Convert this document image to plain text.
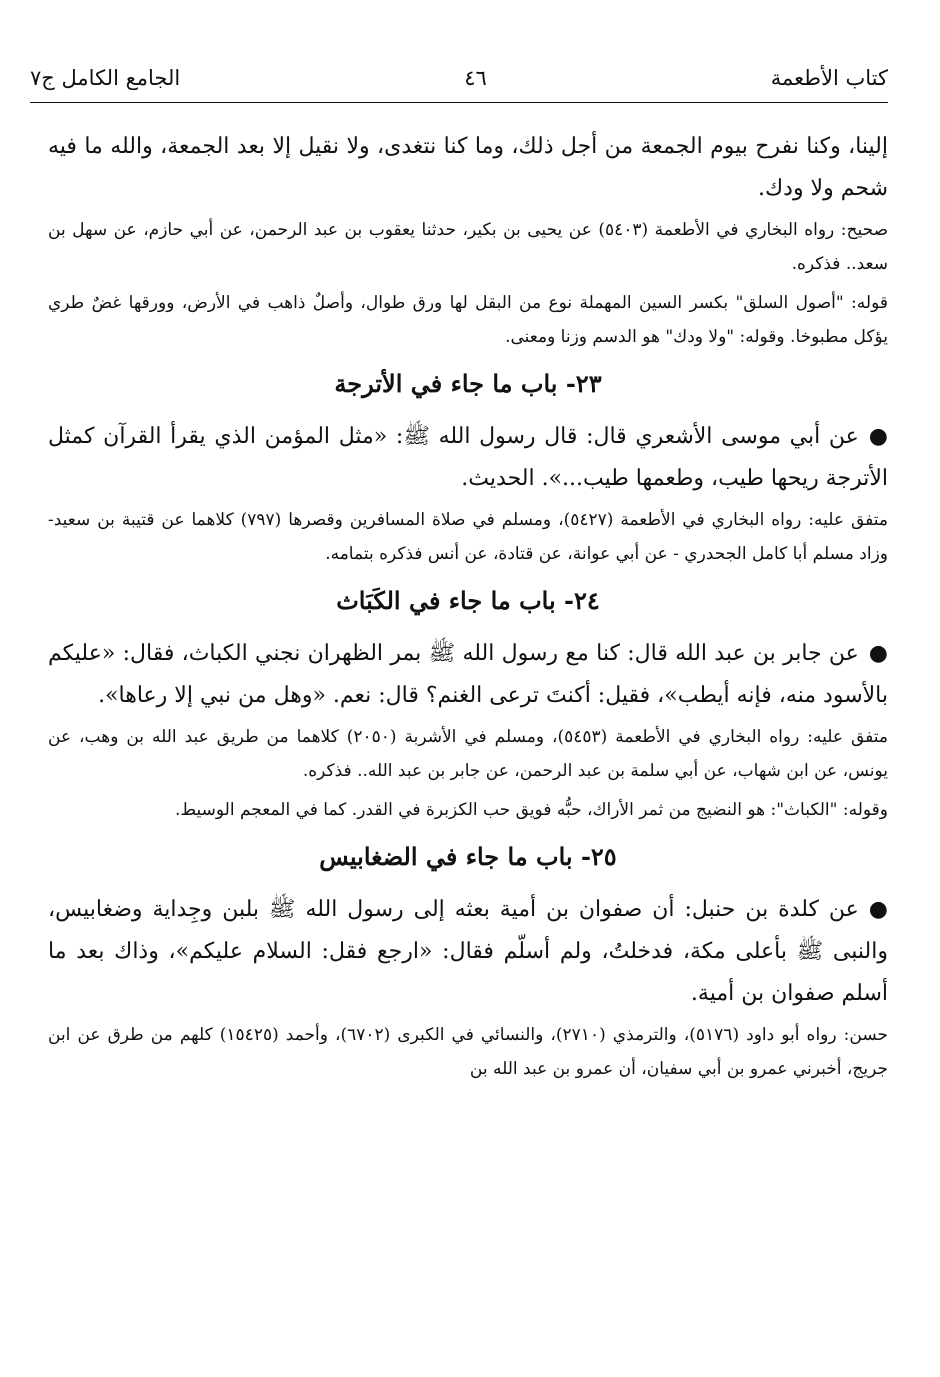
كتاب الأطعمة
٤٦
الجامع الكامل ج٧

إلينا، وكنا نفرح بيوم الجمعة من أجل ذلك، وما كنا نتغدى، ولا نقيل إلا بعد الجمعة، والله ما فيه شحم ولا ودك.

صحيح: رواه البخاري في الأطعمة (٥٤٠٣) عن يحيى بن بكير، حدثنا يعقوب بن عبد الرحمن، عن أبي حازم، عن سهل بن سعد.. فذكره.

قوله: "أصول السلق" بكسر السين المهملة نوع من البقل لها ورق طوال، وأصلٌ ذاهب في الأرض، وورقها غضٌ طري يؤكل مطبوخا. وقوله: "ولا ودك" هو الدسم وزنا ومعنى.

٢٣- باب ما جاء في الأترجة

●عن أبي موسى الأشعري قال: قال رسول الله ﷺ: «مثل المؤمن الذي يقرأ القرآن كمثل الأترجة ريحها طيب، وطعمها طيب...». الحديث.

متفق عليه: رواه البخاري في الأطعمة (٥٤٢٧)، ومسلم في صلاة المسافرين وقصرها (٧٩٧) كلاهما عن قتيبة بن سعيد- وزاد مسلم أبا كامل الجحدري - عن أبي عوانة، عن قتادة، عن أنس فذكره بتمامه.

٢٤- باب ما جاء في الكَبَاث

●عن جابر بن عبد الله قال: كنا مع رسول الله ﷺ بمر الظهران نجني الكباث، فقال: «عليكم بالأسود منه، فإنه أيطب»، فقيل: أكنتَ ترعى الغنم؟ قال: نعم. «وهل من نبي إلا رعاها».

متفق عليه: رواه البخاري في الأطعمة (٥٤٥٣)، ومسلم في الأشربة (٢٠٥٠) كلاهما من طريق عبد الله بن وهب، عن يونس، عن ابن شهاب، عن أبي سلمة بن عبد الرحمن، عن جابر بن عبد الله.. فذكره.

وقوله: "الكباث": هو النضيج من ثمر الأراك، حبُّه فويق حب الكزبرة في القدر. كما في المعجم الوسيط.

٢٥- باب ما جاء في الضغابيس

●عن كلدة بن حنبل: أن صفوان بن أمية بعثه إلى رسول الله ﷺ بلبن وجِداية وضغابيس، والنبى ﷺ بأعلى مكة، فدخلتُ، ولم أسلّم فقال: «ارجع فقل: السلام عليكم»، وذاك بعد ما أسلم صفوان بن أمية.

حسن: رواه أبو داود (٥١٧٦)، والترمذي (٢٧١٠)، والنسائي في الكبرى (٦٧٠٢)، وأحمد (١٥٤٢٥) كلهم من طرق عن ابن جريج، أخبرني عمرو بن أبي سفيان، أن عمرو بن عبد الله بن
